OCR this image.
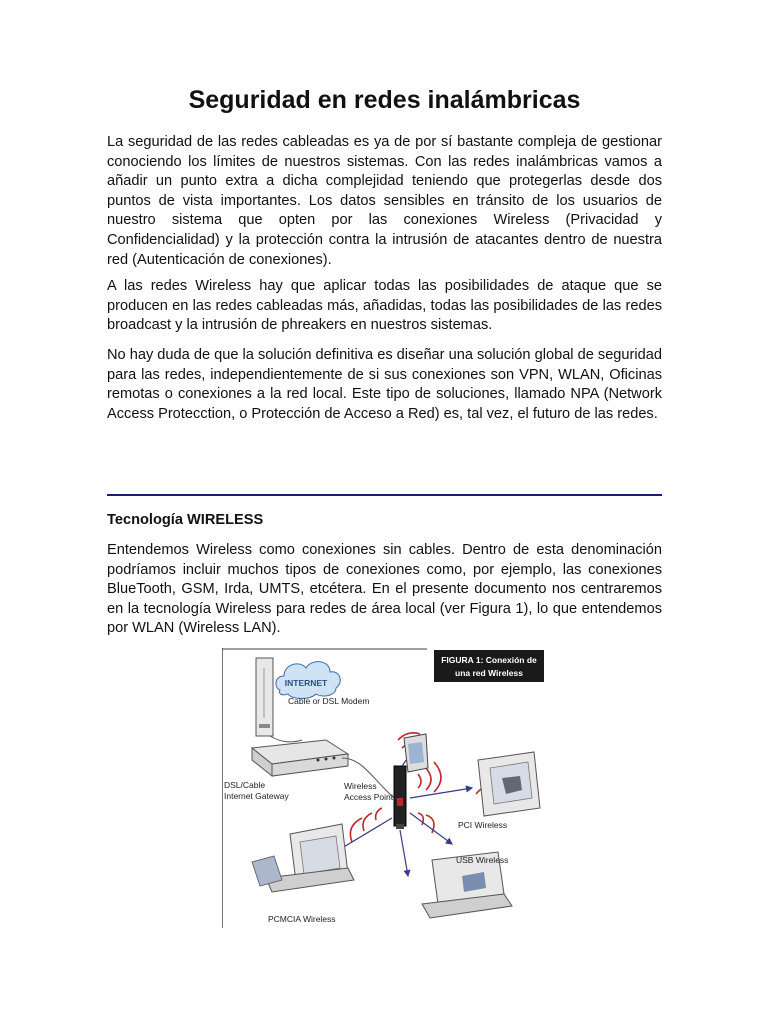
Seguridad en redes inalámbricas

La seguridad de las redes cableadas es ya de por sí bastante compleja de gestionar conociendo los límites de nuestros sistemas. Con las redes inalámbricas vamos a añadir un punto extra a dicha complejidad teniendo que protegerlas desde dos puntos de vista importantes. Los datos sensibles en tránsito de los usuarios de nuestro sistema que opten por las conexiones Wireless (Privacidad y Confidencialidad) y la protección contra la intrusión de atacantes dentro de nuestra red (Autenticación de conexiones).

A las redes Wireless hay que aplicar todas las posibilidades de ataque que se producen en las redes cableadas más, añadidas, todas las posibilidades de las redes broadcast y la intrusión de phreakers en nuestros sistemas.

No hay duda de que la solución definitiva es diseñar una solución global de seguridad para las redes, independientemente de si sus conexiones son VPN, WLAN, Oficinas remotas o conexiones a la red local. Este tipo de soluciones, llamado NPA (Network Access Protecction, o Protección de Acceso a Red) es, tal vez, el futuro de las redes.

Tecnología WIRELESS

Entendemos Wireless como conexiones sin cables. Dentro de esta denominación podríamos incluir muchos tipos de conexiones como, por ejemplo, las conexiones BlueTooth, GSM, Irda, UMTS, etcétera. En el presente documento nos centraremos en la tecnología Wireless para redes de área local (ver Figura 1), lo que entendemos por WLAN (Wireless LAN).

FIGURA 1: Conexión de
una red Wireless
INTERNET
Cable or DSL Modem
DSL/Cable
Internet Gateway
Wireless
Access Point
PCI Wireless
USB Wireless
PCMCIA Wireless
